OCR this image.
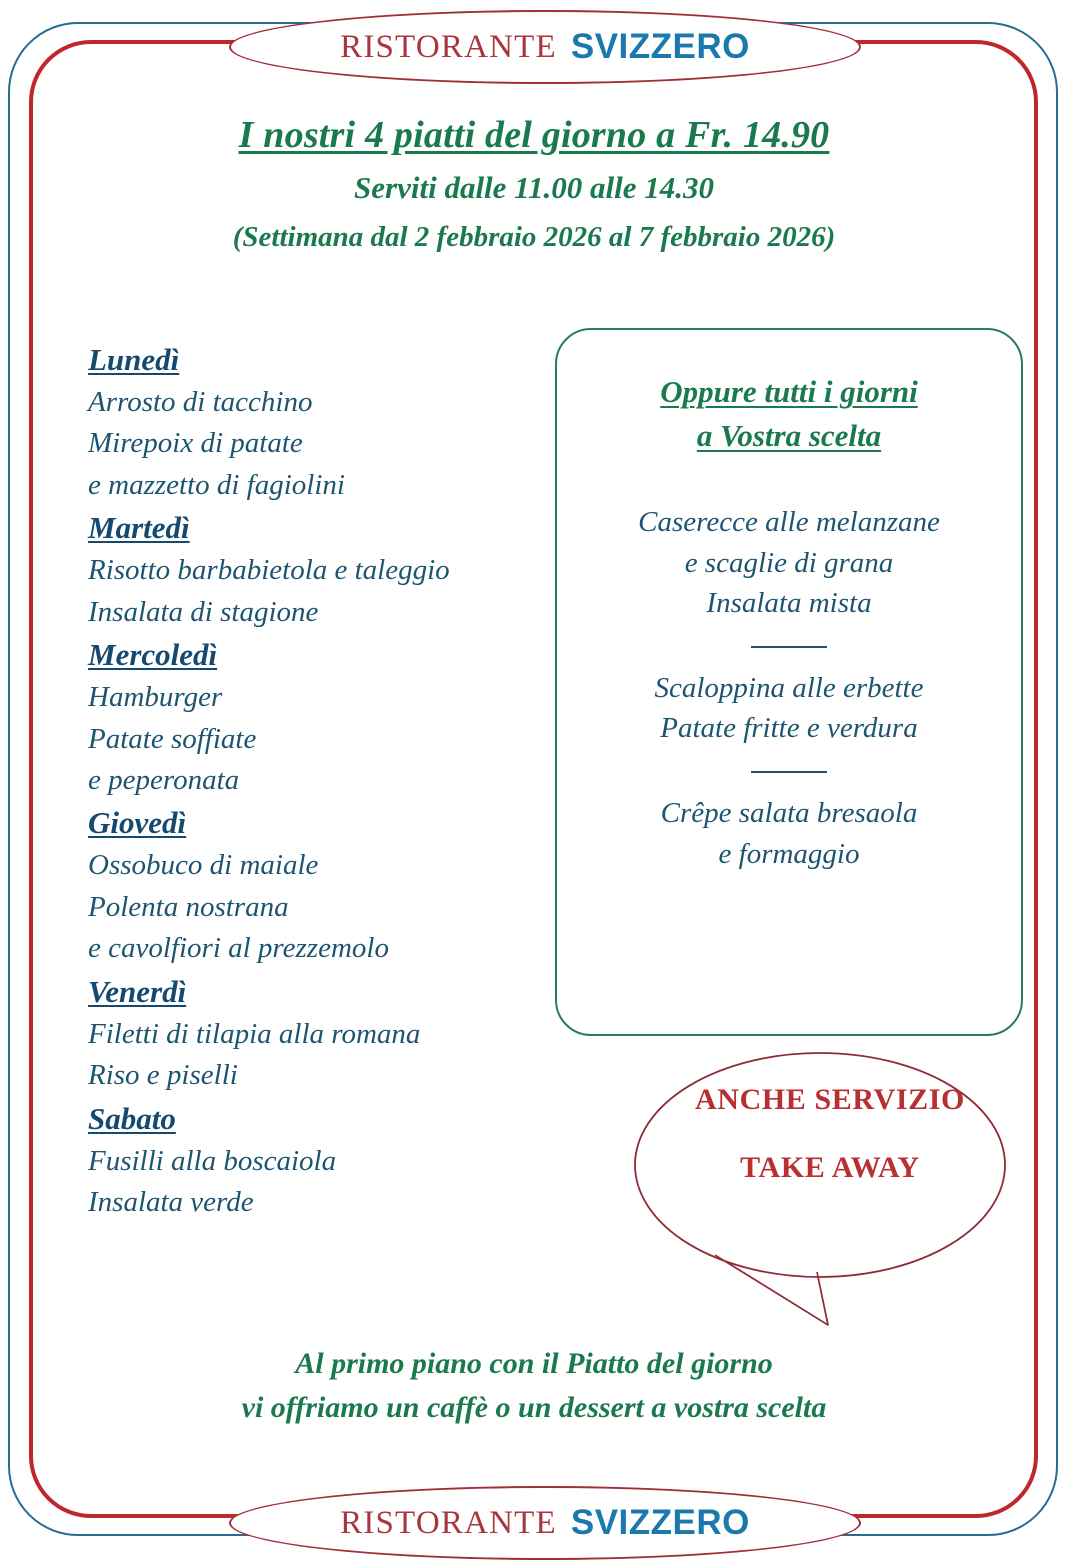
RISTORANTE SVIZZERO
I nostri 4 piatti del giorno a Fr. 14.90
Serviti dalle 11.00 alle 14.30
(Settimana dal 2 febbraio 2026 al 7 febbraio 2026)
Lunedì
Arrosto di tacchino
Mirepoix di patate
e mazzetto di fagiolini
Martedì
Risotto barbabietola e taleggio
Insalata di stagione
Mercoledì
Hamburger
Patate soffiate
e peperonata
Giovedì
Ossobuco di maiale
Polenta nostrana
e cavolfiori al prezzemolo
Venerdì
Filetti di tilapia alla romana
Riso e piselli
Sabato
Fusilli alla boscaiola
Insalata verde
Oppure tutti i giorni
a Vostra scelta
Caserecce alle melanzane
e scaglie di grana
Insalata mista
Scaloppina alle erbette
Patate fritte e verdura
Crêpe salata bresaola
e formaggio
ANCHE SERVIZIO
TAKE AWAY
Al primo piano con il Piatto del giorno
vi offriamo un caffè o un dessert a vostra scelta
RISTORANTE SVIZZERO
